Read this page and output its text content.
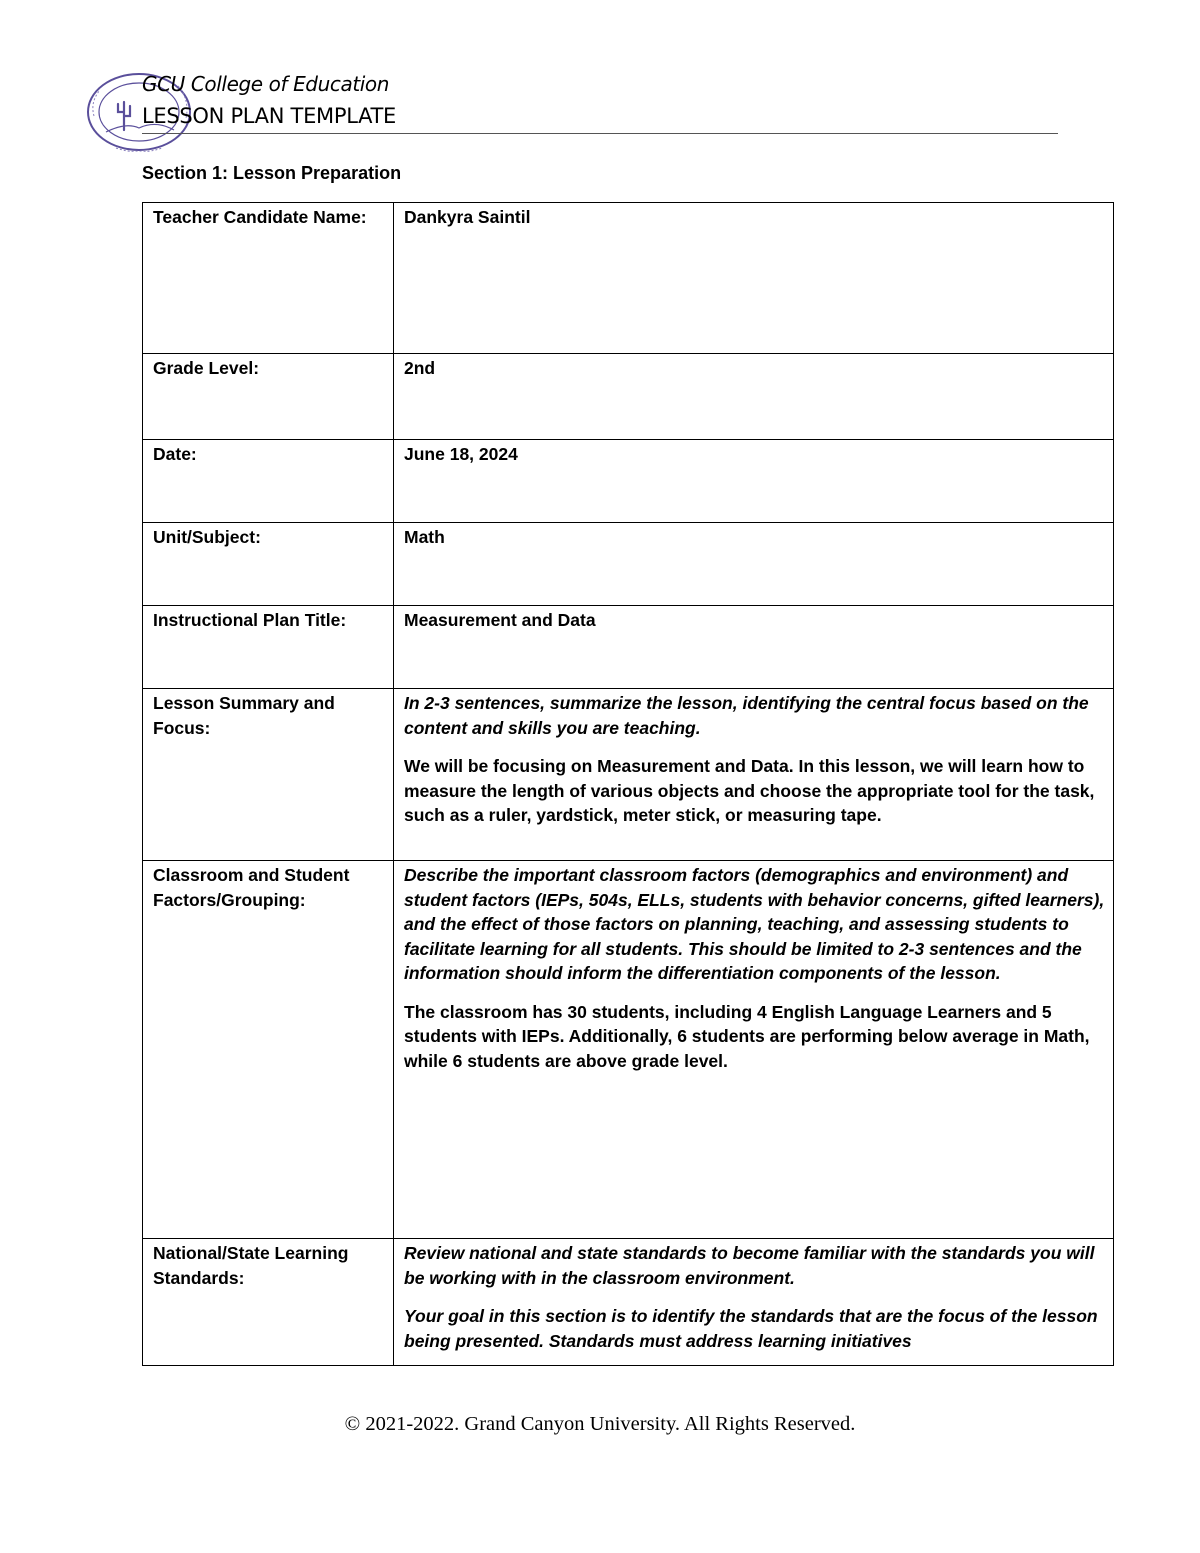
GCU College of Education
LESSON PLAN TEMPLATE
Section 1: Lesson Preparation
Teacher Candidate Name:	Dankyra Saintil
Grade Level:	2nd
Date:	June 18, 2024
Unit/Subject:	Math
Instructional Plan Title:	Measurement and Data
Lesson Summary and Focus:	In 2-3 sentences, summarize the lesson, identifying the central focus based on the content and skills you are teaching.

We will be focusing on Measurement and Data. In this lesson, we will learn how to measure the length of various objects and choose the appropriate tool for the task, such as a ruler, yardstick, meter stick, or measuring tape.

Classroom and Student Factors/Grouping:	Describe the important classroom factors (demographics and environment) and student factors (IEPs, 504s, ELLs, students with behavior concerns, gifted learners), and the effect of those factors on planning, teaching, and assessing students to facilitate learning for all students. This should be limited to 2-3 sentences and the information should inform the differentiation components of the lesson.

The classroom has 30 students, including 4 English Language Learners and 5 students with IEPs. Additionally, 6 students are performing below average in Math, while 6 students are above grade level.

National/State Learning Standards:	Review national and state standards to become familiar with the standards you will be working with in the classroom environment.

Your goal in this section is to identify the standards that are the focus of the lesson being presented. Standards must address learning initiatives

© 2021-2022. Grand Canyon University. All Rights Reserved.
